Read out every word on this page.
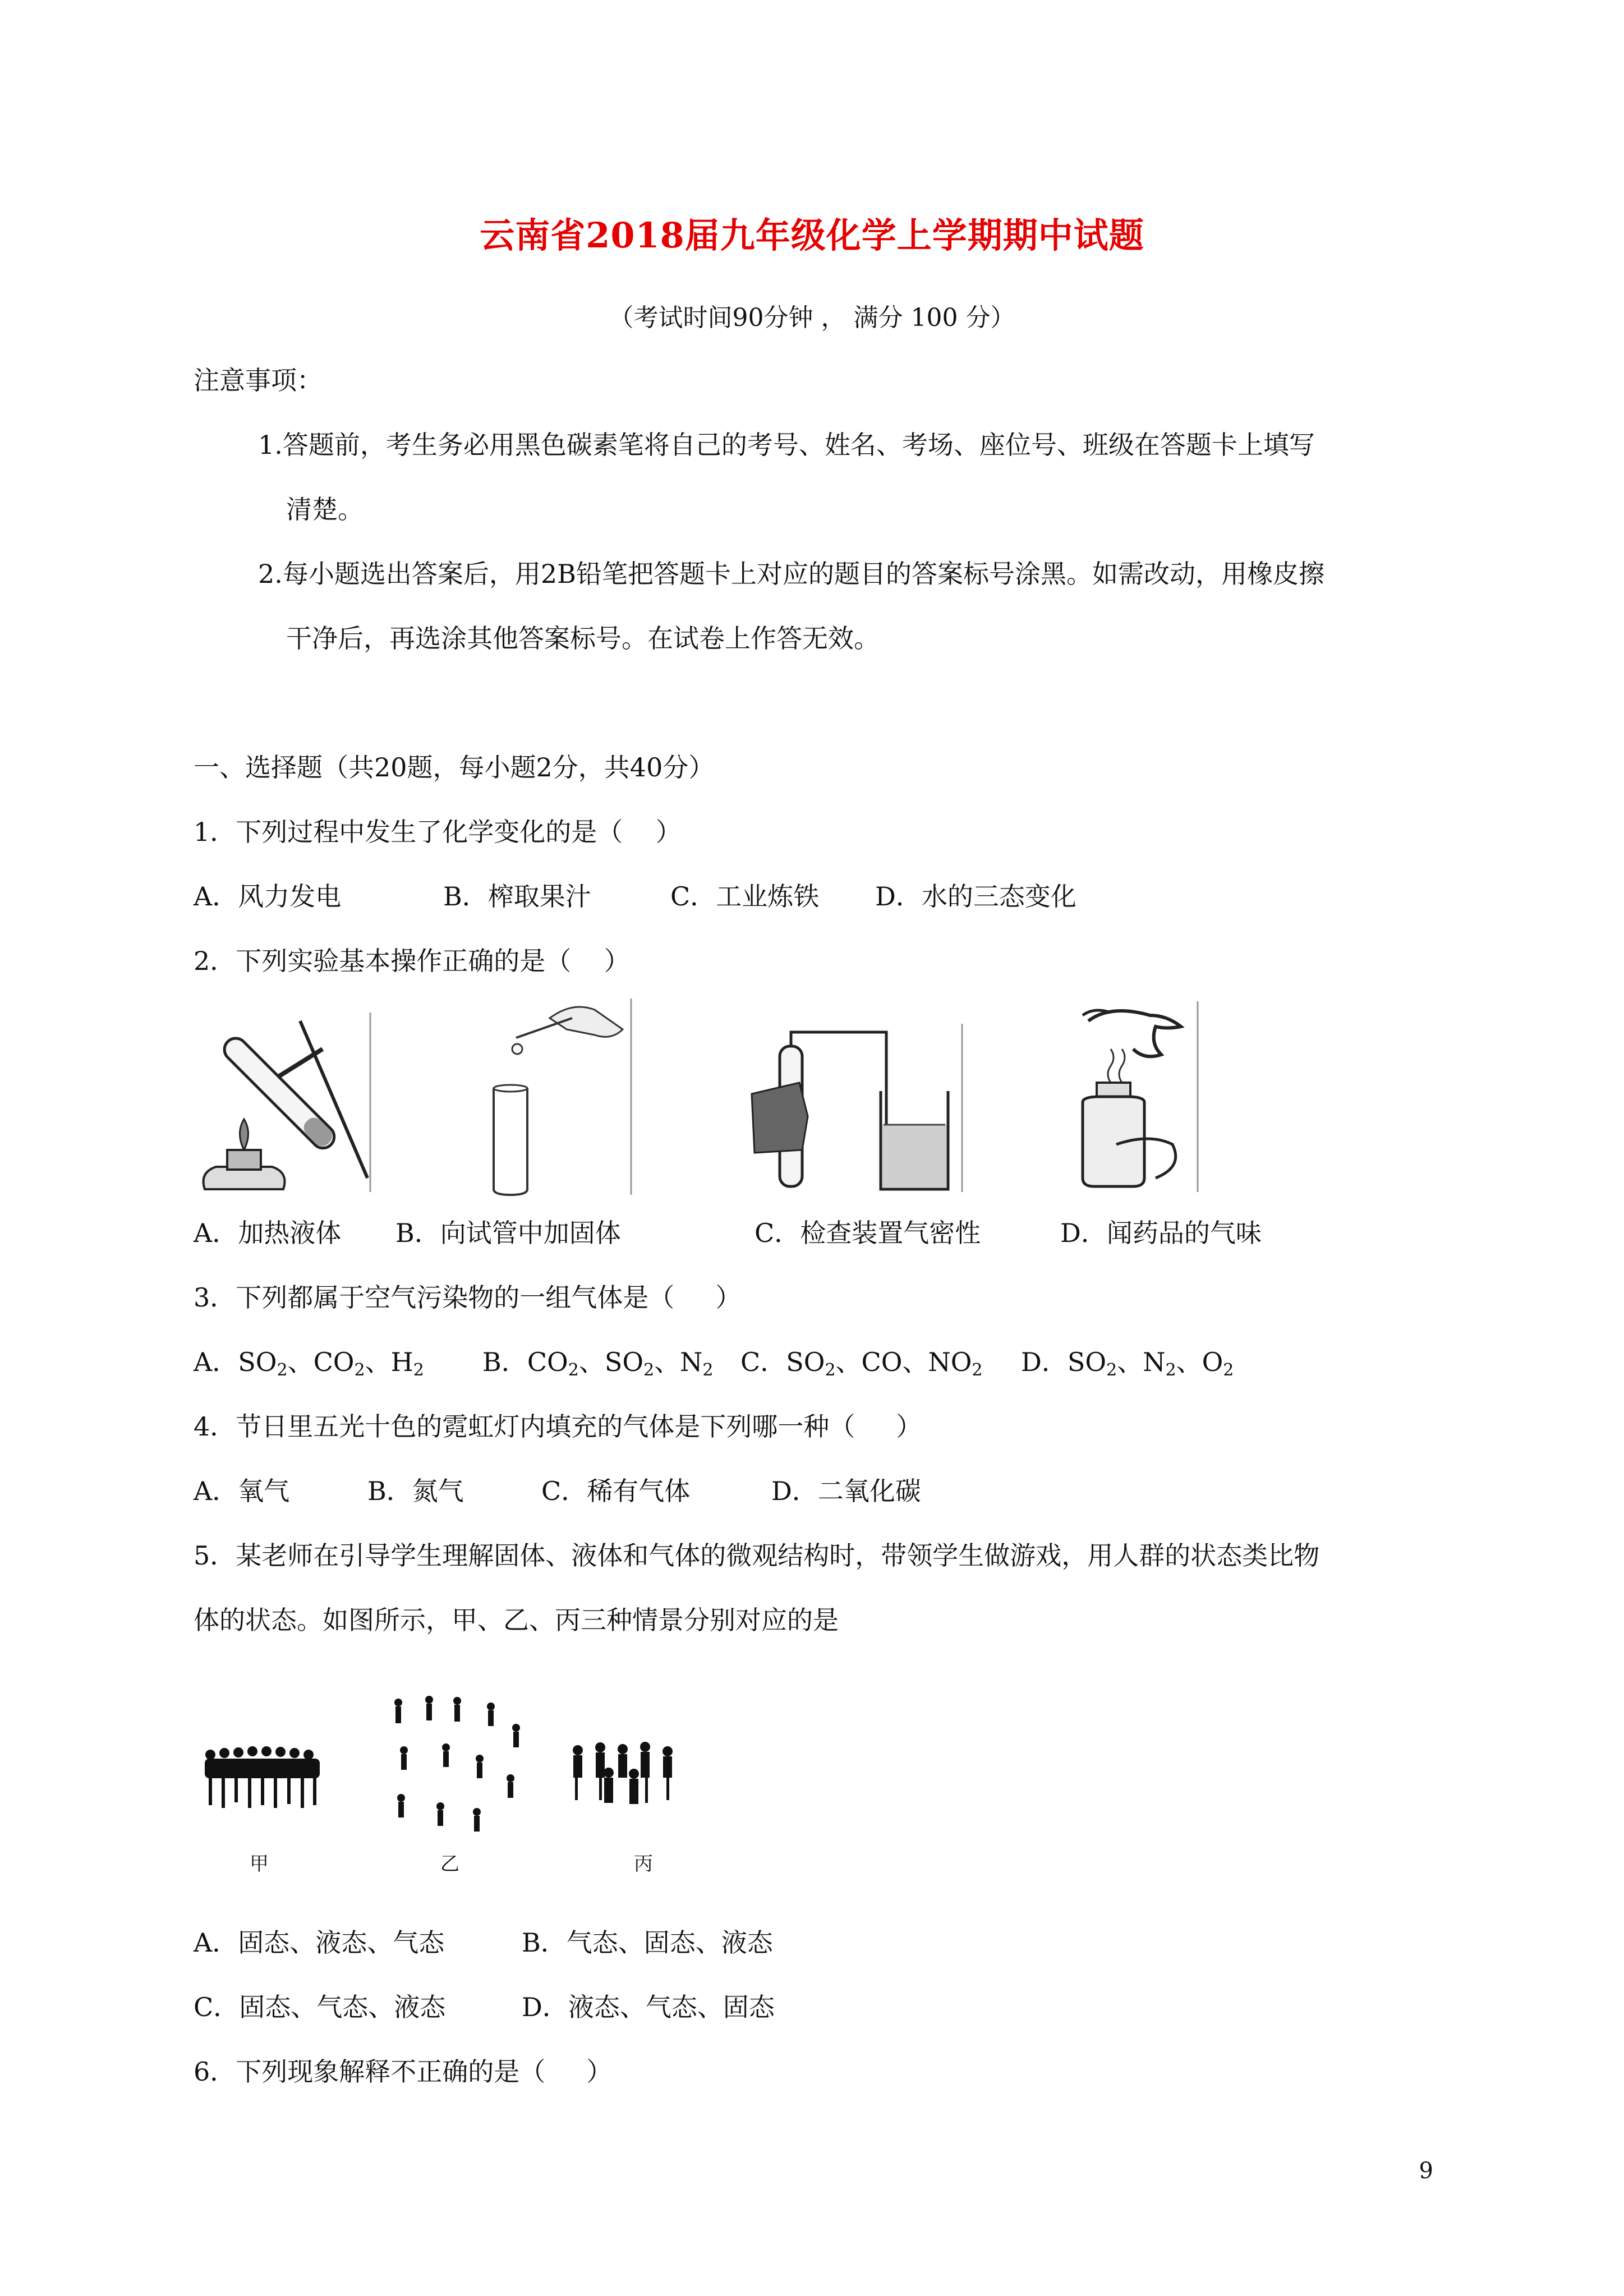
云南省2018届九年级化学上学期期中试题
（考试时间90分钟 ， 满分 100 分）
注意事项：
1.答题前，考生务必用黑色碳素笔将自己的考号、姓名、考场、座位号、班级在答题卡上填写
清楚。
2.每小题选出答案后，用2B铅笔把答题卡上对应的题目的答案标号涂黑。如需改动，用橡皮擦
干净后，再选涂其他答案标号。在试卷上作答无效。
一、选择题（共20题，每小题2分，共40分）
1．下列过程中发生了化学变化的是（    ）
A．风力发电	B．榨取果汁	C．工业炼铁 D．水的三态变化
2．下列实验基本操作正确的是（    ）
A．加热液体 B．向试管中加固体	C．检查装置气密性	D．闻药品的气味
3．下列都属于空气污染物的一组气体是（     ）
A．$SO_2$、$CO_2$、$H_2$ B．$CO_2$、$SO_2$、$N_2$ C．$SO_2$、CO、$NO_2$ D．$SO_2$、$N_2$、$O_2$
4．节日里五光十色的霓虹灯内填充的气体是下列哪一种（     ）
A．氧气	B．氮气	C．稀有气体	D．二氧化碳
5．某老师在引导学生理解固体、液体和气体的微观结构时，带领学生做游戏，用人群的状态类比物
体的状态。如图所示，甲、乙、丙三种情景分别对应的是
甲	乙	丙
A．固态、液态、气态	B．气态、固态、液态
C．固态、气态、液态	D．液态、气态、固态
6．下列现象解释不正确的是（     ）
9
